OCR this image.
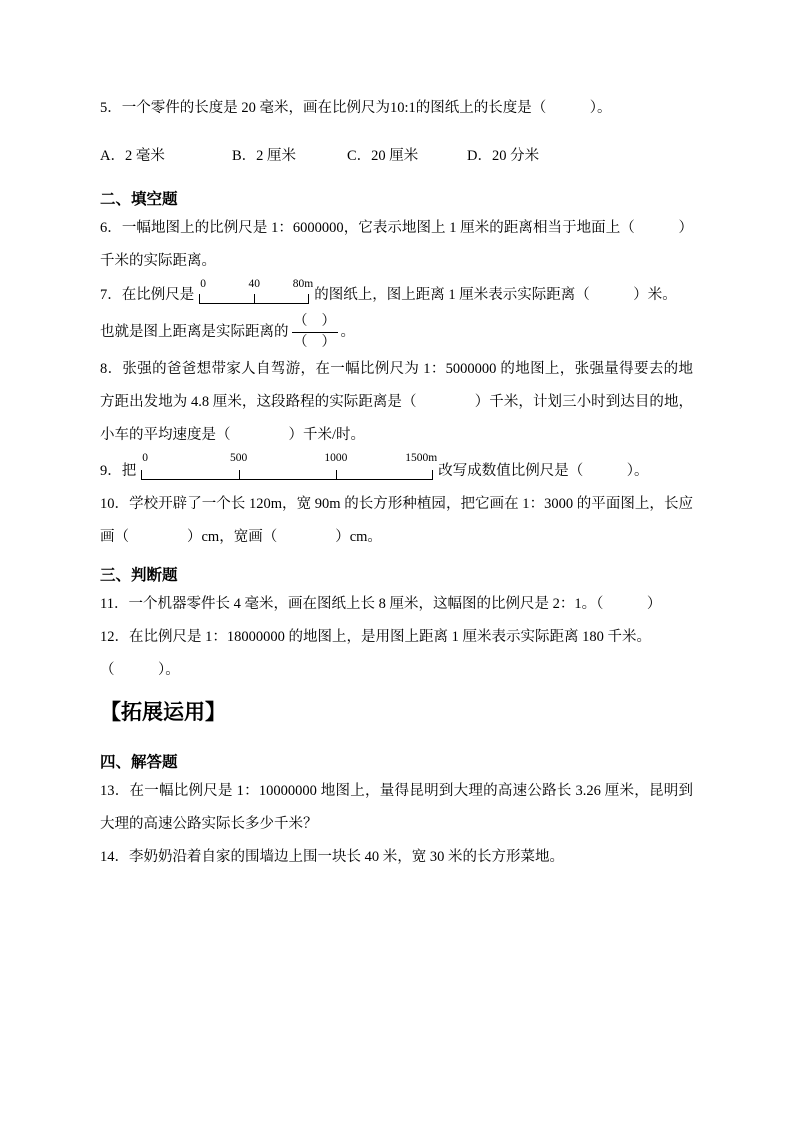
5．一个零件的长度是 20 毫米，画在比例尺为10:1的图纸上的长度是（　　　）。

A．2 毫米	B．2 厘米	C．20 厘米	D．20 分米
二、填空题

6．一幅地图上的比例尺是 1：6000000，它表示地图上 1 厘米的距离相当于地面上（　　　）千米的实际距离。

7．在比例尺是
0	40	80m
的图纸上，图上距离 1 厘米表示实际距离（　　　）米。

也就是图上距离是实际距离的 $\frac{( )}{( )}$ 。

8．张强的爸爸想带家人自驾游，在一幅比例尺为 1：5000000 的地图上，张强量得要去的地方距出发地为 4.8 厘米，这段路程的实际距离是（　　　　）千米，计划三小时到达目的地，小车的平均速度是（　　　　）千米/时。

9．把
0	500	1000	1500m
改写成数值比例尺是（　　　）。

10．学校开辟了一个长 120m，宽 90m 的长方形种植园，把它画在 1：3000 的平面图上，长应画（　　　　）cm，宽画（　　　　）cm。

三、判断题

11．一个机器零件长 4 毫米，画在图纸上长 8 厘米，这幅图的比例尺是 2：1。（　　　）

12．在比例尺是 1：18000000 的地图上，是用图上距离 1 厘米表示实际距离 180 千米。
（　　　）。

【拓展运用】
四、解答题

13．在一幅比例尺是 1：10000000 地图上，量得昆明到大理的高速公路长 3.26 厘米，昆明到大理的高速公路实际长多少千米？

14．李奶奶沿着自家的围墙边上围一块长 40 米，宽 30 米的长方形菜地。
